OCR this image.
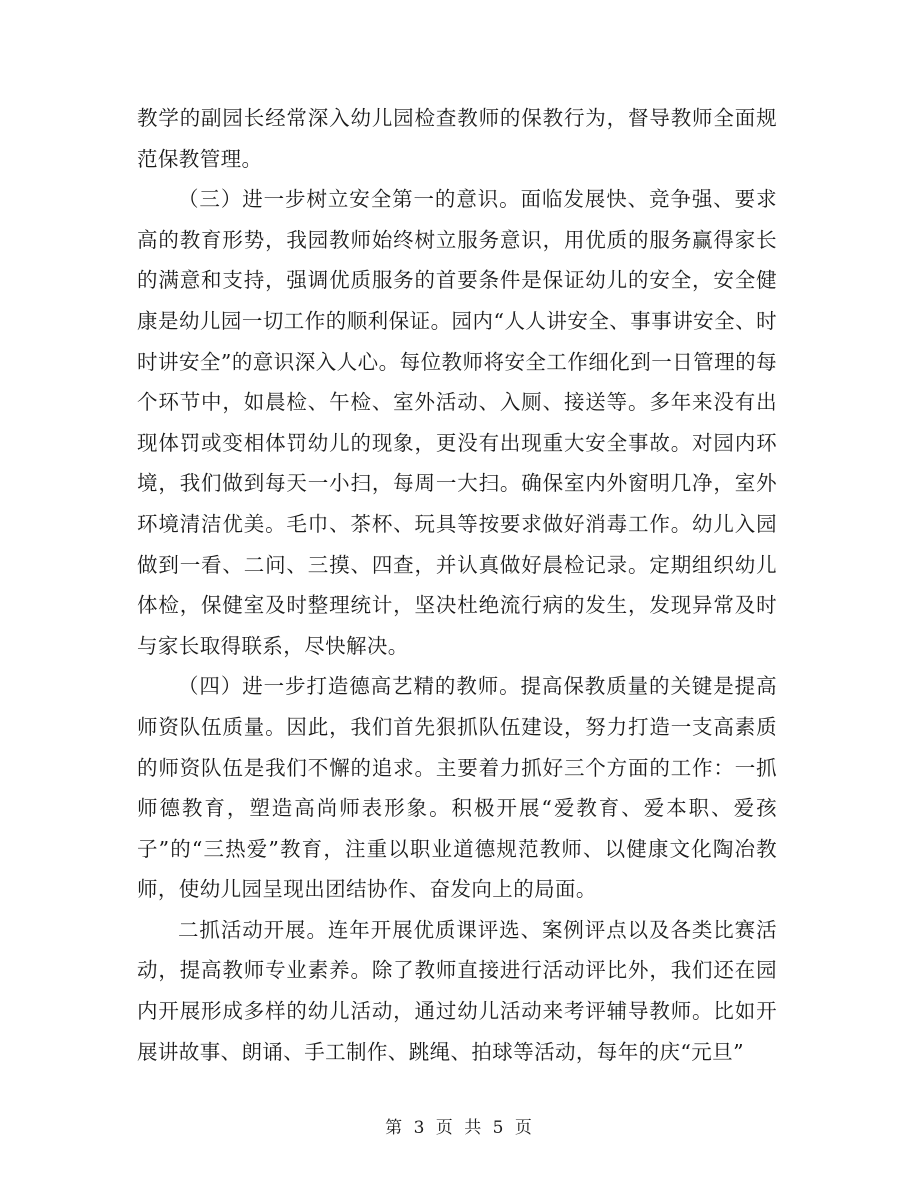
教学的副园长经常深入幼儿园检查教师的保教行为，督导教师全面规范保教管理。

（三）进一步树立安全第一的意识。面临发展快、竞争强、要求高的教育形势，我园教师始终树立服务意识，用优质的服务赢得家长的满意和支持，强调优质服务的首要条件是保证幼儿的安全，安全健康是幼儿园一切工作的顺利保证。园内“人人讲安全、事事讲安全、时时讲安全”的意识深入人心。每位教师将安全工作细化到一日管理的每个环节中，如晨检、午检、室外活动、入厕、接送等。多年来没有出现体罚或变相体罚幼儿的现象，更没有出现重大安全事故。对园内环境，我们做到每天一小扫，每周一大扫。确保室内外窗明几净，室外环境清洁优美。毛巾、茶杯、玩具等按要求做好消毒工作。幼儿入园做到一看、二问、三摸、四查，并认真做好晨检记录。定期组织幼儿体检，保健室及时整理统计，坚决杜绝流行病的发生，发现异常及时与家长取得联系，尽快解决。

（四）进一步打造德高艺精的教师。提高保教质量的关键是提高师资队伍质量。因此，我们首先狠抓队伍建设，努力打造一支高素质的师资队伍是我们不懈的追求。主要着力抓好三个方面的工作：一抓师德教育，塑造高尚师表形象。积极开展“爱教育、爱本职、爱孩子”的“三热爱”教育，注重以职业道德规范教师、以健康文化陶冶教师，使幼儿园呈现出团结协作、奋发向上的局面。

二抓活动开展。连年开展优质课评选、案例评点以及各类比赛活动，提高教师专业素养。除了教师直接进行活动评比外，我们还在园内开展形成多样的幼儿活动，通过幼儿活动来考评辅导教师。比如开展讲故事、朗诵、手工制作、跳绳、拍球等活动，每年的庆“元旦”

第 3 页 共 5 页
